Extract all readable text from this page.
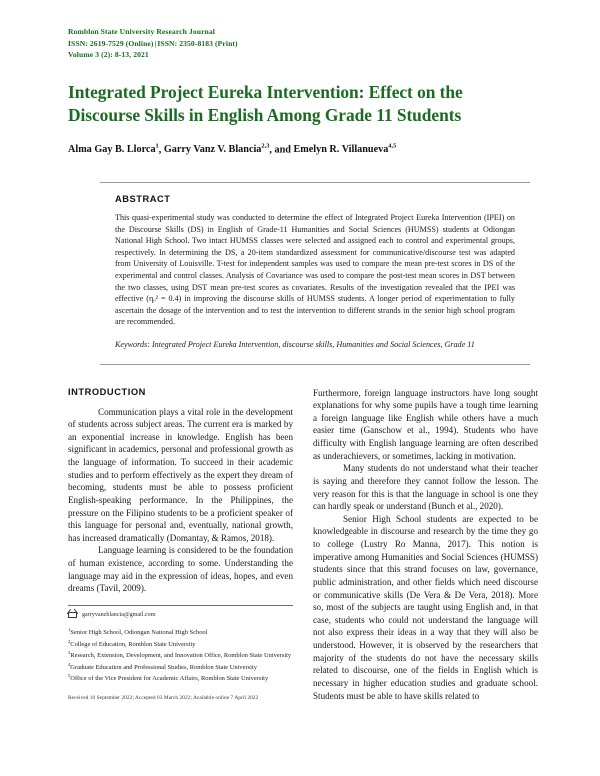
Romblon State University Research Journal
ISSN: 2619-7529 (Online)|ISSN: 2350-8183 (Print)
Volume 3 (2): 8-13, 2021
Integrated Project Eureka Intervention: Effect on the Discourse Skills in English Among Grade 11 Students
Alma Gay B. Llorca$^1$, Garry Vanz V. Blancia$^{2,3}$, and Emelyn R. Villanueva$^{4,5}$
ABSTRACT

This quasi-experimental study was conducted to determine the effect of Integrated Project Eureka Intervention (IPEI) on the Discourse Skills (DS) in English of Grade-11 Humanities and Social Sciences (HUMSS) students at Odiongan National High School. Two intact HUMSS classes were selected and assigned each to control and experimental groups, respectively. In determining the DS, a 20-item standardized assessment for communicative/discourse test was adapted from University of Louisville. T-test for independent samples was used to compare the mean pre-test scores in DS of the experimental and control classes. Analysis of Covariance was used to compare the post-test mean scores in DST between the two classes, using DST mean pre-test scores as covariates. Results of the investigation revealed that the IPEI was effective (ηₒ² = 0.4) in improving the discourse skills of HUMSS students. A longer period of experimentation to fully ascertain the dosage of the intervention and to test the intervention to different strands in the senior high school program are recommended.

Keywords: Integrated Project Eureka Intervention, discourse skills, Humanities and Social Sciences, Grade 11
INTRODUCTION

Communication plays a vital role in the development of students across subject areas. The current era is marked by an exponential increase in knowledge. English has been significant in academics, personal and professional growth as the language of information. To succeed in their academic studies and to perform effectively as the expert they dream of becoming, students must be able to possess proficient English-speaking performance. In the Philippines, the pressure on the Filipino students to be a proficient speaker of this language for personal and, eventually, national growth, has increased dramatically (Domantay, & Ramos, 2018).

Language learning is considered to be the foundation of human existence, according to some. Understanding the language may aid in the expression of ideas, hopes, and even dreams (Tavil, 2009).

garryvanzblancia@gmail.com
$^1$Senior High School, Odiongan National High School
$^2$College of Education, Romblon State University
$^3$Research, Extension, Development, and Innovation Office, Romblon State University
$^4$Graduate Education and Professional Studies, Romblon State University
$^5$Office of the Vice President for Academic Affairs, Romblon State University
Received 10 September 2022; Accepted 03 March 2022; Available online 7 April 2022

Furthermore, foreign language instructors have long sought explanations for why some pupils have a tough time learning a foreign language like English while others have a much easier time (Ganschow et al., 1994). Students who have difficulty with English language learning are often described as underachievers, or sometimes, lacking in motivation.

Many students do not understand what their teacher is saying and therefore they cannot follow the lesson. The very reason for this is that the language in school is one they can hardly speak or understand (Bunch et al., 2020).

Senior High School students are expected to be knowledgeable in discourse and research by the time they go to college (Lustry Ro Manna, 2017). This notion is imperative among Humanities and Social Sciences (HUMSS) students since that this strand focuses on law, governance, public administration, and other fields which need discourse or communicative skills (De Vera & De Vera, 2018). More so, most of the subjects are taught using English and, in that case, students who could not understand the language will not also express their ideas in a way that they will also be understood. However, it is observed by the researchers that majority of the students do not have the necessary skills related to discourse, one of the fields in English which is necessary in higher education studies and graduate school. Students must be able to have skills related to
